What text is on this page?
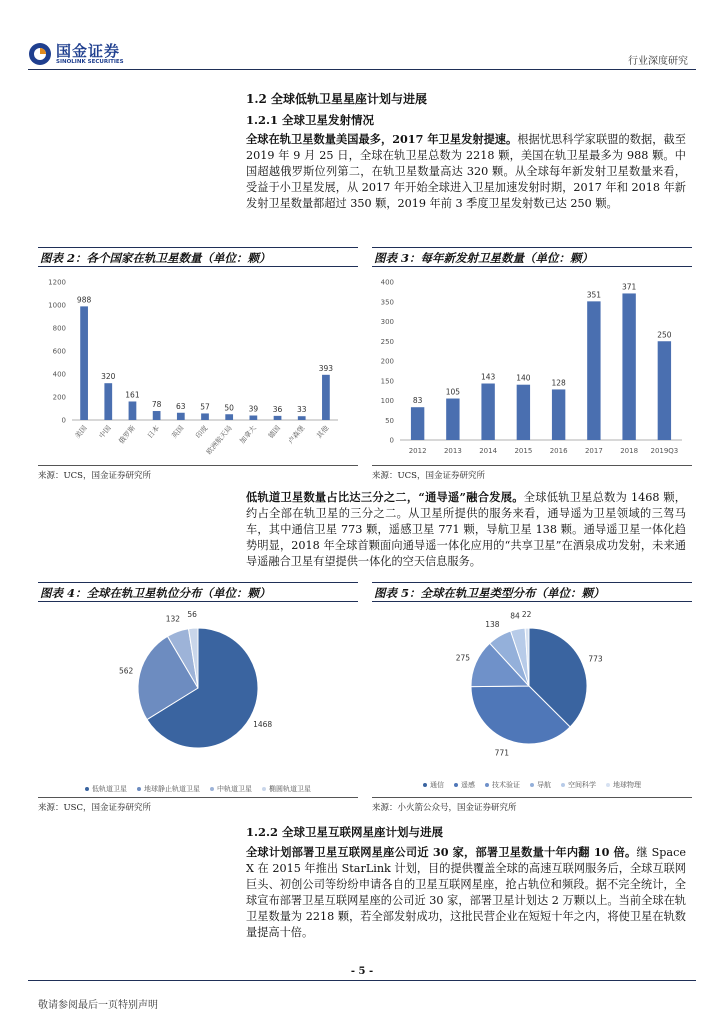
国金证券
SINOLINK SECURITIES	行业深度研究
1.2 全球低轨卫星星座计划与进展
1.2.1 全球卫星发射情况
全球在轨卫星数量美国最多，2017 年卫星发射提速。根据忧思科学家联盟的数据，截至 2019 年 9 月 25 日，全球在轨卫星总数为 2218 颗，美国在轨卫星最多为 988 颗。中国超越俄罗斯位列第二，在轨卫星数量高达 320 颗。从全球每年新发射卫星数量来看，受益于小卫星发展，从 2017 年开始全球进入卫星加速发射时期，2017 年和 2018 年新发射卫星数量都超过 350 颗，2019 年前 3 季度卫星发射数已达 250 颗。
图表 2：各个国家在轨卫星数量（单位：颗）	图表 3：每年新发射卫星数量（单位：颗）
0
200
400
600
800
1000
1200
988
美国
320
中国
161
俄罗斯
78
日本
63
英国
57
印度
50
欧洲航天局
39
加拿大
36
德国
33
卢森堡
393
其他
0
50
100
150
200
250
300
350
400
83
2012
105
2013
143
2014
140
2015
128
2016
351
2017
371
2018
250
2019Q3
来源：UCS，国金证券研究所	来源：UCS，国金证券研究所
低轨道卫星数量占比达三分之二，“通导遥”融合发展。全球低轨卫星总数为 1468 颗，约占全部在轨卫星的三分之二。从卫星所提供的服务来看，通导遥为卫星领域的三驾马车，其中通信卫星 773 颗，遥感卫星 771 颗，导航卫星 138 颗。通导遥卫星一体化趋势明显，2018 年全球首颗面向通导遥一体化应用的“共享卫星”在酒泉成功发射，未来通导遥融合卫星有望提供一体化的空天信息服务。
图表 4：全球在轨卫星轨位分布（单位：颗）	图表 5：全球在轨卫星类型分布（单位：颗）
1468
562
132 56
773
771
275
138
84 22
低轨道卫星 地球静止轨道卫星 中轨道卫星 椭圆轨道卫星	通信 遥感 技术验证 导航 空间科学 地球物理
来源：USC，国金证券研究所	来源：小火箭公众号，国金证券研究所
1.2.2 全球卫星互联网星座计划与进展
全球计划部署卫星互联网星座公司近 30 家，部署卫星数量十年内翻 10 倍。继 Space X 在 2015 年推出 StarLink 计划，目的提供覆盖全球的高速互联网服务后，全球互联网巨头、初创公司等纷纷申请各自的卫星互联网星座，抢占轨位和频段。据不完全统计，全球宣布部署卫星互联网星座的公司近 30 家，部署卫星计划达 2 万颗以上。当前全球在轨卫星数量为 2218 颗，若全部发射成功，这批民营企业在短短十年之内，将使卫星在轨数量提高十倍。
- 5 -
敬请参阅最后一页特别声明
